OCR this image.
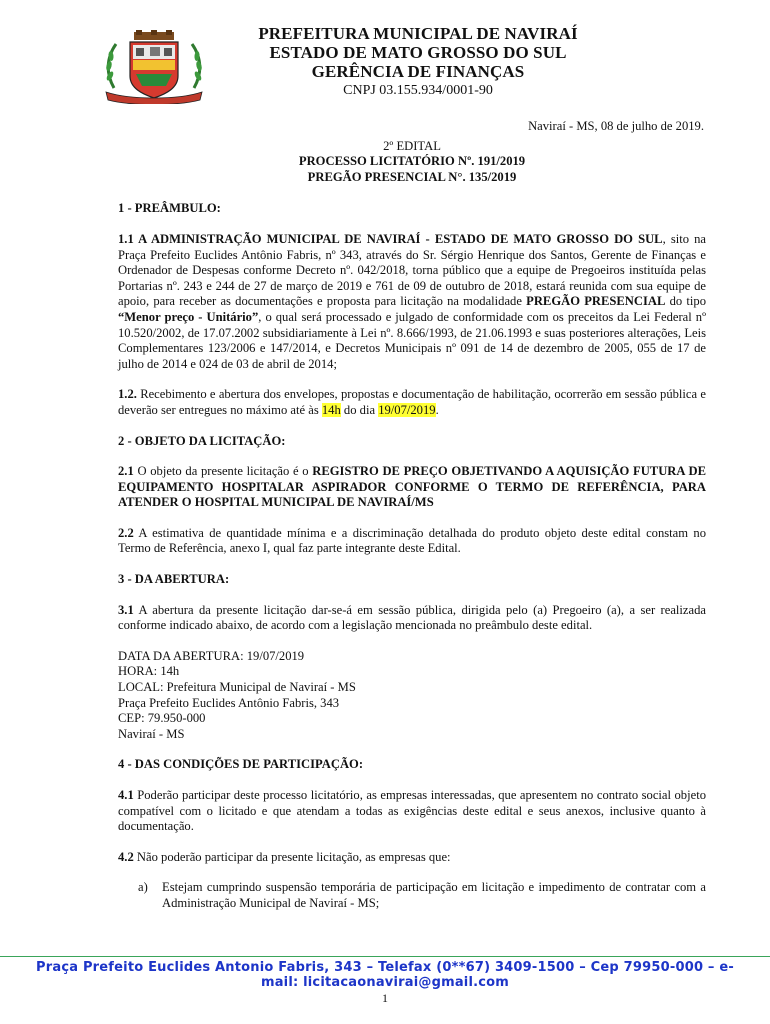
PREFEITURA MUNICIPAL DE NAVIRAÍ
ESTADO DE MATO GROSSO DO SUL
GERÊNCIA DE FINANÇAS
CNPJ 03.155.934/0001-90

Naviraí - MS, 08 de julho de 2019.

2º EDITAL

PROCESSO LICITATÓRIO Nº. 191/2019

PREGÃO PRESENCIAL N°. 135/2019

1 - PREÂMBULO:

1.1 A ADMINISTRAÇÃO MUNICIPAL DE NAVIRAÍ - ESTADO DE MATO GROSSO DO SUL, sito na Praça Prefeito Euclides Antônio Fabris, nº 343, através do Sr. Sérgio Henrique dos Santos, Gerente de Finanças e Ordenador de Despesas conforme Decreto nº. 042/2018, torna público que a equipe de Pregoeiros instituída pelas Portarias nº. 243 e 244 de 27 de março de 2019 e 761 de 09 de outubro de 2018, estará reunida com sua equipe de apoio, para receber as documentações e proposta para licitação na modalidade PREGÃO PRESENCIAL do tipo “Menor preço - Unitário”, o qual será processado e julgado de conformidade com os preceitos da Lei Federal nº 10.520/2002, de 17.07.2002 subsidiariamente à Lei nº. 8.666/1993, de 21.06.1993 e suas posteriores alterações, Leis Complementares 123/2006 e 147/2014, e Decretos Municipais nº 091 de 14 de dezembro de 2005, 055 de 17 de julho de 2014 e 024 de 03 de abril de 2014;

1.2. Recebimento e abertura dos envelopes, propostas e documentação de habilitação, ocorrerão em sessão pública e deverão ser entregues no máximo até às 14h do dia 19/07/2019.

2 - OBJETO DA LICITAÇÃO:

2.1 O objeto da presente licitação é o REGISTRO DE PREÇO OBJETIVANDO A AQUISIÇÃO FUTURA DE EQUIPAMENTO HOSPITALAR ASPIRADOR CONFORME O TERMO DE REFERÊNCIA, PARA ATENDER O HOSPITAL MUNICIPAL DE NAVIRAÍ/MS

2.2 A estimativa de quantidade mínima e a discriminação detalhada do produto objeto deste edital constam no Termo de Referência, anexo I, qual faz parte integrante deste Edital.

3 - DA ABERTURA:

3.1 A abertura da presente licitação dar-se-á em sessão pública, dirigida pelo (a) Pregoeiro (a), a ser realizada conforme indicado abaixo, de acordo com a legislação mencionada no preâmbulo deste edital.

DATA DA ABERTURA: 19/07/2019
HORA: 14h
LOCAL: Prefeitura Municipal de Naviraí - MS
Praça Prefeito Euclides Antônio Fabris, 343
CEP: 79.950-000
Naviraí - MS

4 - DAS CONDIÇÕES DE PARTICIPAÇÃO:

4.1 Poderão participar deste processo licitatório, as empresas interessadas, que apresentem no contrato social objeto compatível com o licitado e que atendam a todas as exigências deste edital e seus anexos, inclusive quanto à documentação.

4.2 Não poderão participar da presente licitação, as empresas que:

a) Estejam cumprindo suspensão temporária de participação em licitação e impedimento de contratar com a Administração Municipal de Naviraí - MS;
Praça Prefeito Euclides Antonio Fabris, 343 – Telefax (0**67) 3409-1500 – Cep 79950-000 – e-
mail: licitacaonavirai@gmail.com
1
